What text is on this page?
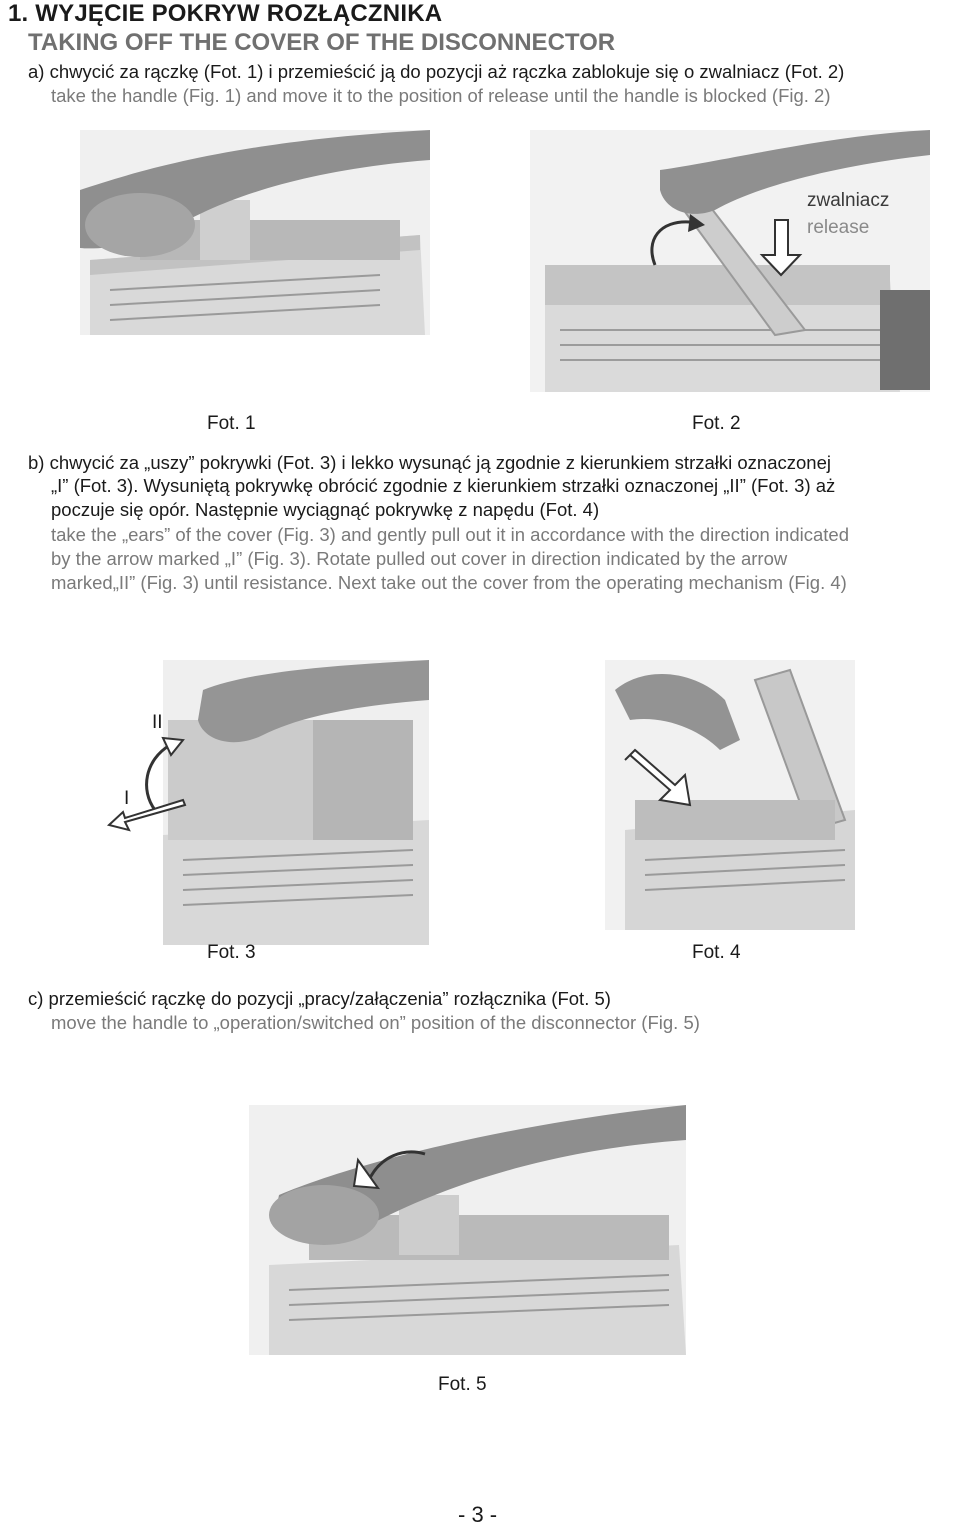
1. WYJĘCIE POKRYW ROZŁĄCZNIKA
TAKING OFF THE COVER OF THE DISCONNECTOR
a) chwycić za rączkę (Fot. 1) i przemieścić ją do pozycji aż rączka zablokuje się o zwalniacz (Fot. 2)
take the handle (Fig. 1) and move it to the position of release until the handle is blocked (Fig. 2)
Fot. 1
zwalniacz
release
Fot. 2
b) chwycić za „uszy” pokrywki (Fot. 3) i lekko wysunąć ją zgodnie z kierunkiem strzałki oznaczonej
„I” (Fot. 3). Wysuniętą pokrywkę obrócić zgodnie z kierunkiem strzałki oznaczonej „II” (Fot. 3) aż
poczuje się opór. Następnie wyciągnąć pokrywkę z napędu (Fot. 4)
take the „ears” of the cover (Fig. 3) and gently pull out it in accordance with the direction indicated
by the arrow marked „I” (Fig. 3). Rotate pulled out cover in direction indicated by the arrow
marked„II” (Fig. 3) until resistance. Next take out the cover from the operating mechanism (Fig. 4)
II
I
Fot. 3	Fot. 4
c) przemieścić rączkę do pozycji „pracy/załączenia” rozłącznika (Fot. 5)
move the handle to „operation/switched on” position of the disconnector (Fig. 5)
Fot. 5
- 3 -
